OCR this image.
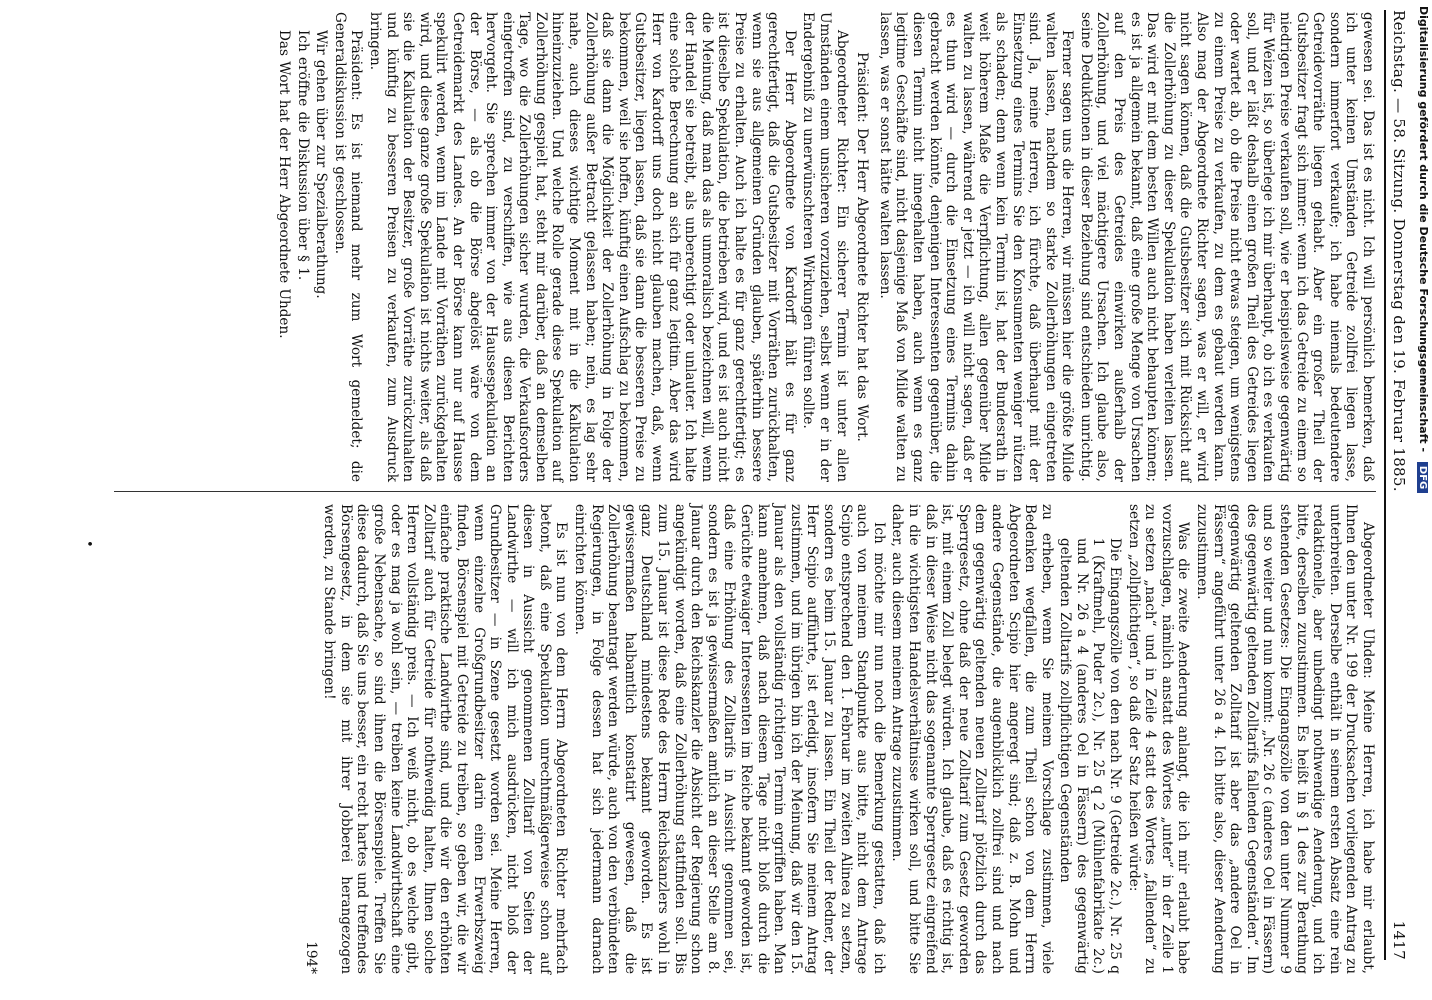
Reichstag. — 58. Sitzung. Donnerstag den 19. Februar 1885.
1417

gewesen sei. Das ist es nicht. Ich will persönlich bemerken, daß ich unter keinen Umständen Getreide zollfrei liegen lasse, sondern immerfort verkaufe; ich habe niemals bedeutendere Getreidevorräthe liegen gehabt. Aber ein großer Theil der Gutsbesitzer fragt sich immer: wenn ich das Getreide zu einem so niedrigen Preise verkaufen soll, wie er beispielsweise gegenwärtig für Weizen ist, so überlege ich mir überhaupt, ob ich es verkaufen soll, und er läßt deshalb einen großen Theil des Getreides liegen oder wartet ab, ob die Preise nicht etwas steigen, um wenigstens zu einem Preise zu verkaufen, zu dem es gebaut werden kann. Also mag der Abgeordnete Richter sagen, was er will, er wird nicht sagen können, daß die Gutsbesitzer sich mit Rücksicht auf die Zollerhöhung zu dieser Spekulation haben verleiten lassen. Das wird er mit dem besten Willen auch nicht behaupten können; es ist ja allgemein bekannt, daß eine große Menge von Ursachen auf den Preis des Getreides einwirken außerhalb der Zollerhöhung, und viel mächtigere Ursachen. Ich glaube also, seine Deduktionen in dieser Beziehung sind entschieden unrichtig.

Ferner sagen uns die Herren, wir müssen hier die größte Milde walten lassen, nachdem so starke Zollerhöhungen eingetreten sind. Ja, meine Herren, ich fürchte, daß überhaupt mit der Einsetzung eines Termins Sie den Konsumenten weniger nützen als schaden; denn wenn kein Termin ist, hat der Bundesrath in weit höherem Maße die Verpflichtung, allen gegenüber Milde walten zu lassen, während er jetzt — ich will nicht sagen, daß er es thun wird — durch die Einsetzung eines Termins dahin gebracht werden könnte, denjenigen Interessenten gegenüber, die diesen Termin nicht innegehalten haben, auch wenn es ganz legitime Geschäfte sind, nicht dasjenige Maß von Milde walten zu lassen, was er sonst hätte walten lassen.

Präsident: Der Herr Abgeordnete Richter hat das Wort.

Abgeordneter Richter: Ein sicherer Termin ist unter allen Umständen einem unsicheren vorzuziehen, selbst wenn er in der Endergebniß zu unerwünschteren Wirkungen führen sollte.

Der Herr Abgeordnete von Kardorff hält es für ganz gerechtfertigt, daß die Gutsbesitzer mit Vorräthen zurückhalten, wenn sie aus allgemeinen Gründen glauben, späterhin bessere Preise zu erhalten. Auch ich halte es für ganz gerechtfertigt; es ist dieselbe Spekulation, die betrieben wird, und es ist auch nicht die Meinung, daß man das als unmoralisch bezeichnen will, wenn der Handel sie betreibt, als unberechtigt oder unlauter. Ich halte eine solche Berechnung an sich für ganz legitim. Aber das wird Herr von Kardorff uns doch nicht glauben machen, daß, wenn Gutsbesitzer, liegen lassen, daß sie dann die besseren Preise zu bekommen, weil sie hoffen, künftig einen Aufschlag zu bekommen, daß sie dann die Möglichkeit der Zollerhöhung in Folge der Zollerhöhung außer Betracht gelassen haben; nein, es lag sehr nahe, auch dieses wichtige Moment mit in die Kalkulation hineinzuziehen. Und welche Rolle gerade diese Spekulation auf Zollerhöhung gespielt hat, steht mir darüber, daß an demselben Tage, wo die Zollerhöhungen sicher wurden, die Verkaufsorders eingetroffen sind, zu verschiffen, wie aus diesen Berichten hervorgeht. Sie sprechen immer von der Haussespekulation an der Börse, — als ob die Börse abgelöst wäre von dem Getreidemarkt des Landes. An der Börse kann nur auf Hausse spekulirt werden, wenn im Lande mit Vorräthen zurückgehalten wird, und diese ganze große Spekulation ist nichts weiter, als daß sie die Kalkulation der Besitzer, große Vorräthe zurückzuhalten und künftig zu besseren Preisen zu verkaufen, zum Ausdruck bringen.

Präsident: Es ist niemand mehr zum Wort gemeldet; die Generaldiskussion ist geschlossen.

Wir gehen über zur Spezialberathung.

Ich eröffne die Diskussion über § 1.

Das Wort hat der Herr Abgeordnete Uhden.

Abgeordneter Uhden: Meine Herren, ich habe mir erlaubt, Ihnen den unter Nr. 199 der Drucksachen vorliegenden Antrag zu unterbreiten. Derselbe enthält in seinem ersten Absatz eine rein redaktionelle, aber unbedingt nothwendige Aenderung, und ich bitte, derselben zuzustimmen. Es heißt in § 1 des zur Berathung stehenden Gesetzes: Die Eingangszölle von den unter Nummer 9 und so weiter und nun kommt: „Nr. 26 c (anderes Oel in Fässern) des gegenwärtig geltenden Zolltarifs fallenden Gegenständen“. Im gegenwärtig geltenden Zolltarif ist aber das „andere Oel in Fässern“ angeführt unter 26 a 4. Ich bitte also, dieser Aenderung zuzustimmen.

Was die zweite Aenderung anlangt, die ich mir erlaubt habe vorzuschlagen, nämlich anstatt des Wortes „unter“ in der Zeile 1 zu setzen „nach“ und in Zeile 4 statt des Wortes „fallenden“ zu setzen „zollpflichtigen“, so daß der Satz heißen würde:

Die Eingangszölle von den nach Nr. 9 (Getreide 2c.), Nr. 25 q 1 (Kraftmehl, Puder 2c.), Nr. 25 q 2 (Mühlenfabrikate 2c.) und Nr. 26 a 4 (anderes Oel in Fässern) des gegenwärtig geltenden Zolltarifs zollpflichtigen Gegenständen

zu erheben, wenn Sie meinem Vorschlage zustimmen, viele Bedenken wegfallen, die zum Theil schon von dem Herrn Abgeordneten Scipio hier angeregt sind; daß z. B. Mohn und andere Gegenstände, die augenblicklich zollfrei sind und nach dem gegenwärtig geltenden neuen Zolltarif plötzlich durch das Sperrgesetz, ohne daß der neue Zolltarif zum Gesetz geworden ist, mit einem Zoll belegt würden. Ich glaube, daß es richtig ist, daß in dieser Weise nicht das sogenannte Sperrgesetz eingreifend in die wichtigsten Handelsverhältnisse wirken soll, und bitte Sie daher, auch diesem meinem Antrage zuzustimmen.

Ich möchte mir nun noch die Bemerkung gestatten, daß ich auch von meinem Standpunkte aus bitte, nicht dem Antrage Scipio entsprechend den 1. Februar im zweiten Alinea zu setzen, sondern es beim 15. Januar zu lassen. Ein Theil der Redner, der Herr Scipio aufführte, ist erledigt, insofern Sie meinem Antrag zustimmen, und im übrigen bin ich der Meinung, daß wir den 15. Januar als den vollständig richtigen Termin ergriffen haben. Man kann annehmen, daß nach diesem Tage nicht bloß durch die Gerüchte etwaiger Interessenten im Reiche bekannt geworden ist, daß eine Erhöhung des Zolltarifs in Aussicht genommen sei, sondern es ist ja gewissermaßen amtlich an dieser Stelle am 8. Januar durch den Reichskanzler die Absicht der Regierung schon angekündigt worden, daß eine Zollerhöhung stattfinden soll. Bis zum 15. Januar ist diese Rede des Herrn Reichskanzlers wohl in ganz Deutschland mindestens bekannt geworden. Es ist gewissermaßen halbamtlich konstatirt gewesen, daß die Zollerhöhung beantragt werden würde, auch von den verbündeten Regierungen, in Folge dessen hat sich jedermann darnach einrichten können.

Es ist nun von dem Herrn Abgeordneten Richter mehrfach betont, daß eine Spekulation unrechtmäßigerweise schon auf diesen in Aussicht genommenen Zolltarif von Seiten der Landwirthe — will ich mich ausdrücken, nicht bloß der Grundbesitzer — in Szene gesetzt worden sei. Meine Herren, wenn einzelne Großgrundbesitzer darin einen Erwerbszweig finden, Börsenspiel mit Getreide zu treiben, so geben wir, die wir einfache praktische Landwirthe sind, und die wir den erhöhten Zolltarif auch für Getreide für nothwendig halten, Ihnen solche Herren vollständig preis. — Ich weiß nicht, ob es welche gibt, oder es mag ja wohl sein, — treiben keine Landwirthschaft eine große Nebensache, so sind ihnen die Börsenspiele. Treffen Sie diese dadurch, daß Sie uns besser, ein recht hartes und treffendes Börsengesetz, in dem sie mit ihrer Jobberei herangezogen werden, zu Stande bringen!

194*

•
Digitalisierung gefördert durch die Deutsche Forschungsgemeinschaft - DFG
